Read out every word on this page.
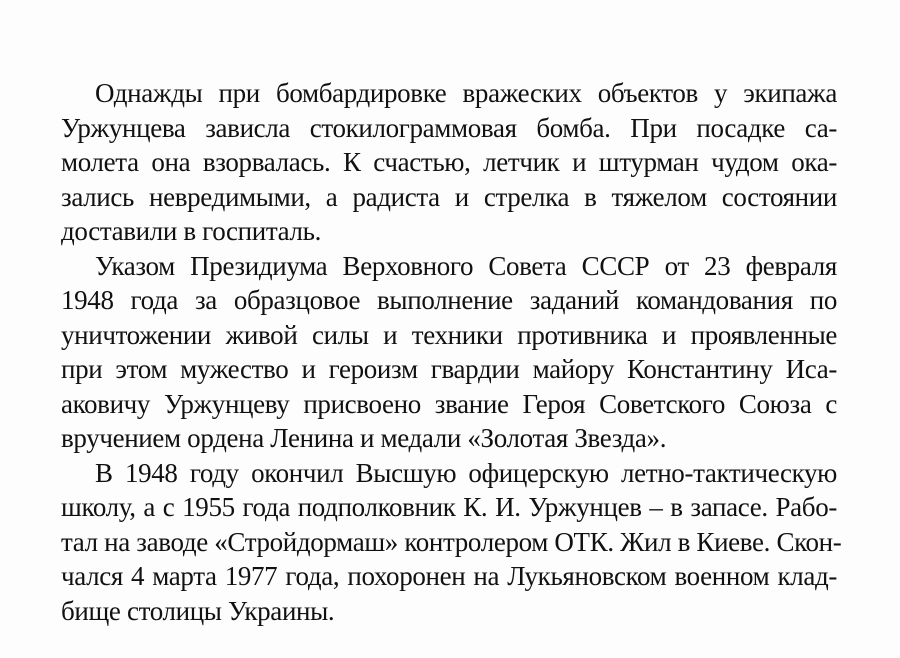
Однажды при бомбардировке вражеских объектов у экипажа
Уржунцева зависла стокилограммовая бомба. При посадке са-
молета она взорвалась. К счастью, летчик и штурман чудом ока-
зались невредимыми, а радиста и стрелка в тяжелом состоянии
доставили в госпиталь.
Указом Президиума Верховного Совета СССР от 23 февраля
1948 года за образцовое выполнение заданий командования по
уничтожении живой силы и техники противника и проявленные
при этом мужество и героизм гвардии майору Константину Иса-
аковичу Уржунцеву присвоено звание Героя Советского Союза с
вручением ордена Ленина и медали «Золотая Звезда».
В 1948 году окончил Высшую офицерскую летно-тактическую
школу, а с 1955 года подполковник К. И. Уржунцев – в запасе. Рабо-
тал на заводе «Стройдормаш» контролером ОТК. Жил в Киеве. Скон-
чался 4 марта 1977 года, похоронен на Лукьяновском военном клад-
бище столицы Украины.
